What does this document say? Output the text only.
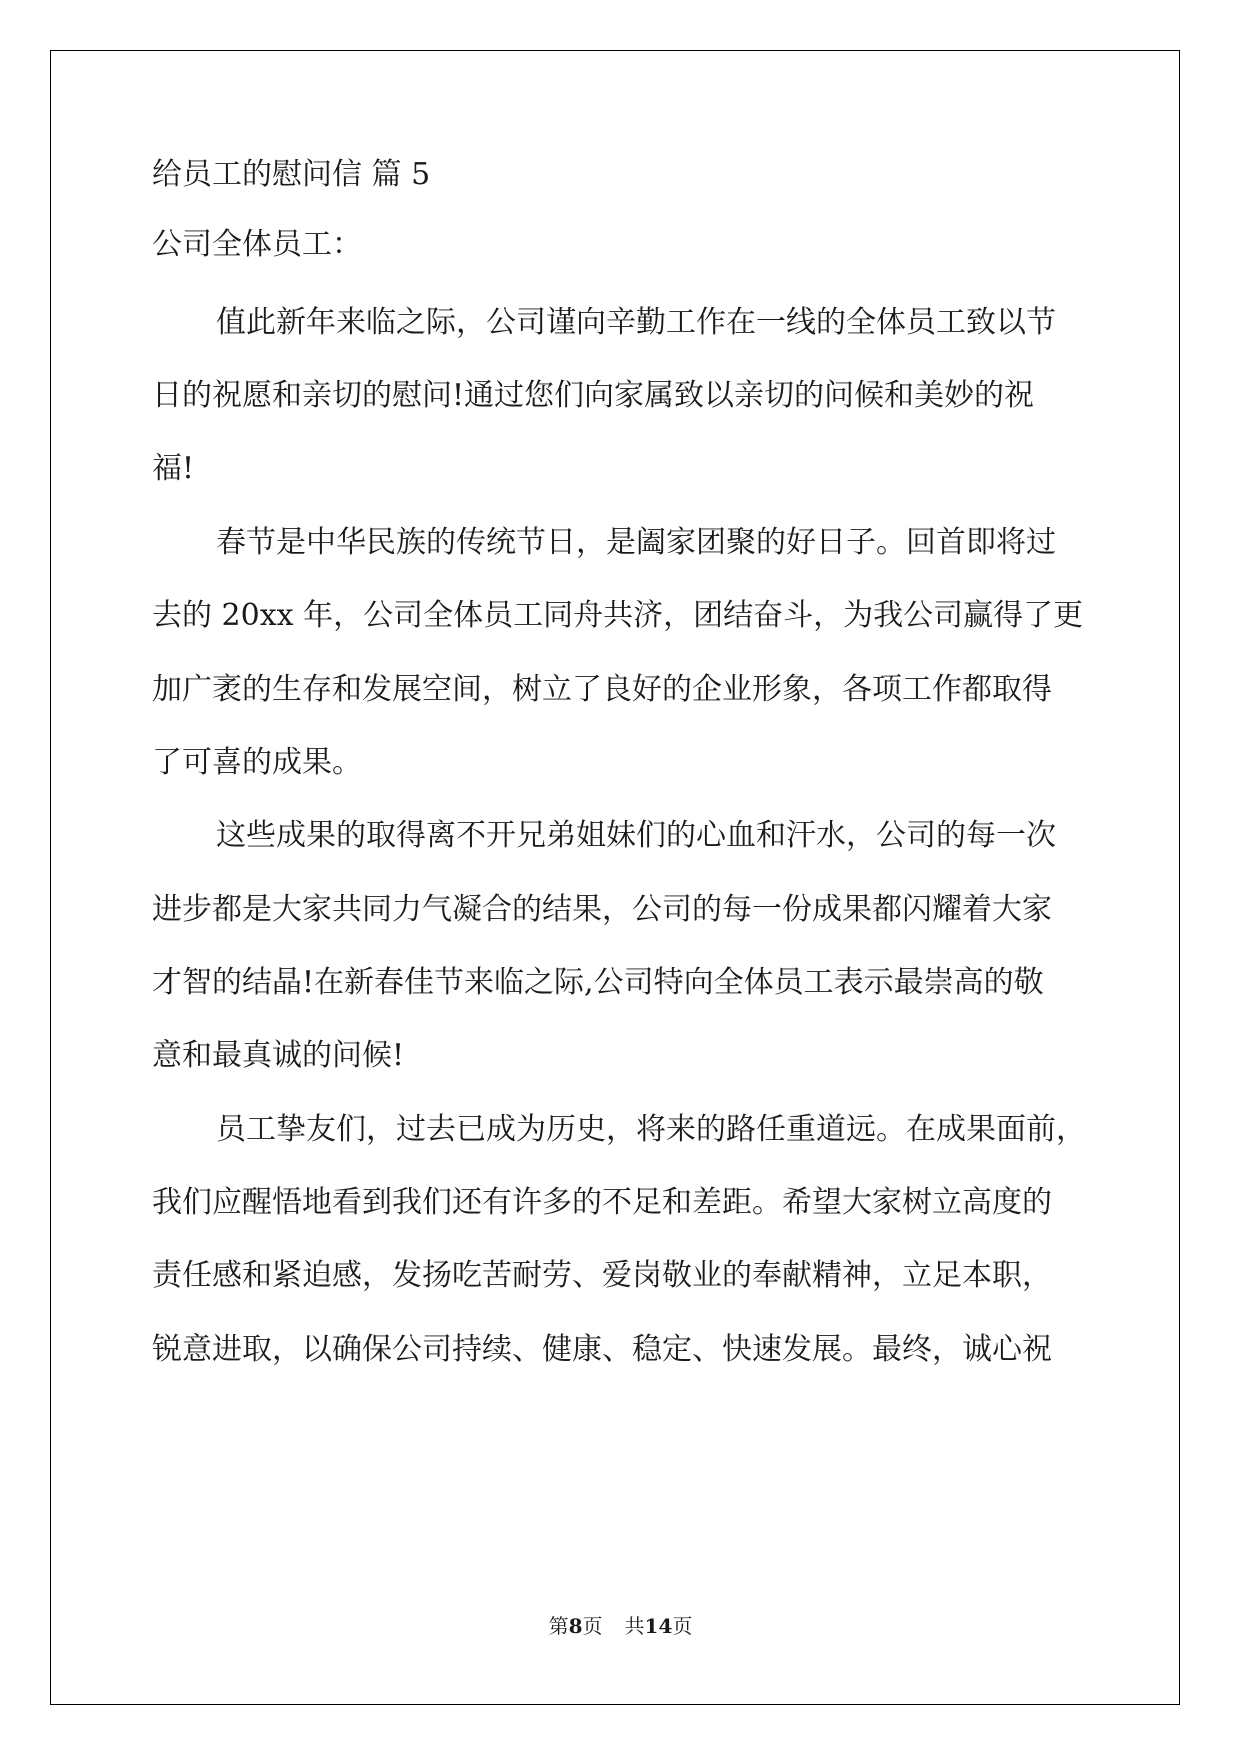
给员工的慰问信 篇 5
公司全体员工：
值此新年来临之际，公司谨向辛勤工作在一线的全体员工致以节
日的祝愿和亲切的慰问!通过您们向家属致以亲切的问候和美妙的祝
福!
春节是中华民族的传统节日，是阖家团聚的好日子。回首即将过
去的 20xx 年，公司全体员工同舟共济，团结奋斗，为我公司赢得了更
加广袤的生存和发展空间，树立了良好的企业形象，各项工作都取得
了可喜的成果。
这些成果的取得离不开兄弟姐妹们的心血和汗水，公司的每一次
进步都是大家共同力气凝合的结果，公司的每一份成果都闪耀着大家
才智的结晶!在新春佳节来临之际,公司特向全体员工表示最崇高的敬
意和最真诚的问候!
员工挚友们，过去已成为历史，将来的路任重道远。在成果面前，
我们应醒悟地看到我们还有许多的不足和差距。希望大家树立高度的
责任感和紧迫感，发扬吃苦耐劳、爱岗敬业的奉献精神，立足本职，
锐意进取，以确保公司持续、健康、稳定、快速发展。最终，诚心祝
第8页 共14页
